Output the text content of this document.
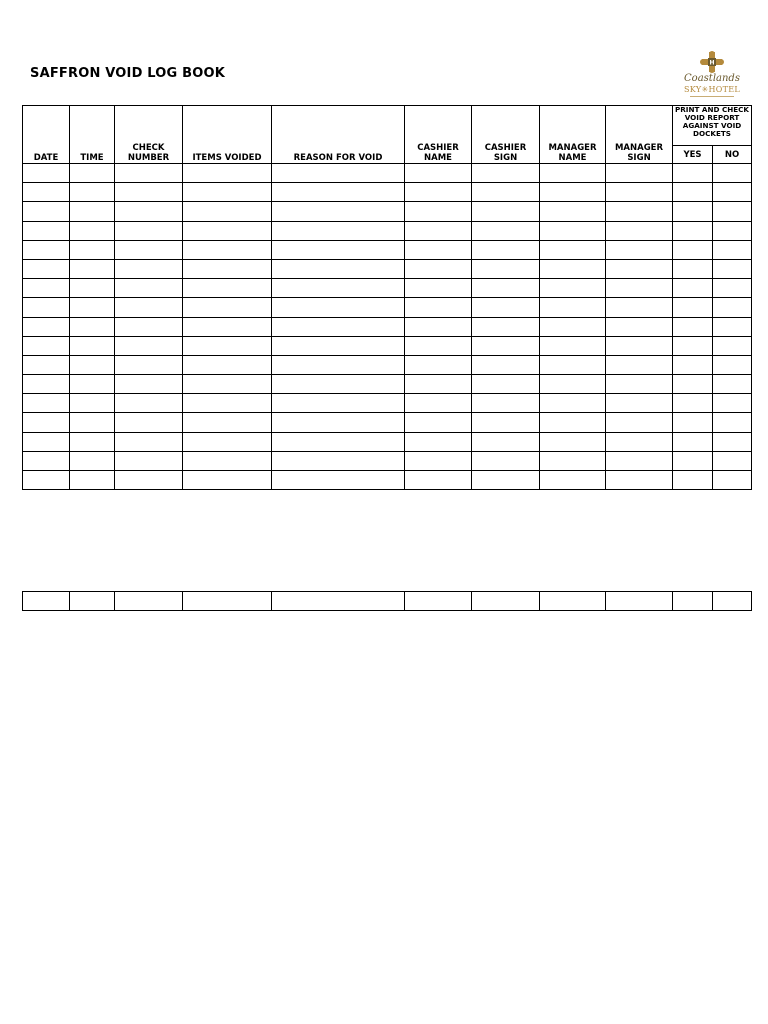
SAFFRON VOID LOG BOOK
H
Coastlands
SKY✳HOTEL
DATE	TIME	CHECK NUMBER	ITEMS VOIDED	REASON FOR VOID	CASHIER NAME	CASHIER SIGN	MANAGER NAME	MANAGER SIGN	PRINT AND CHECK VOID REPORT AGAINST VOID DOCKETS	
									YES	NO
